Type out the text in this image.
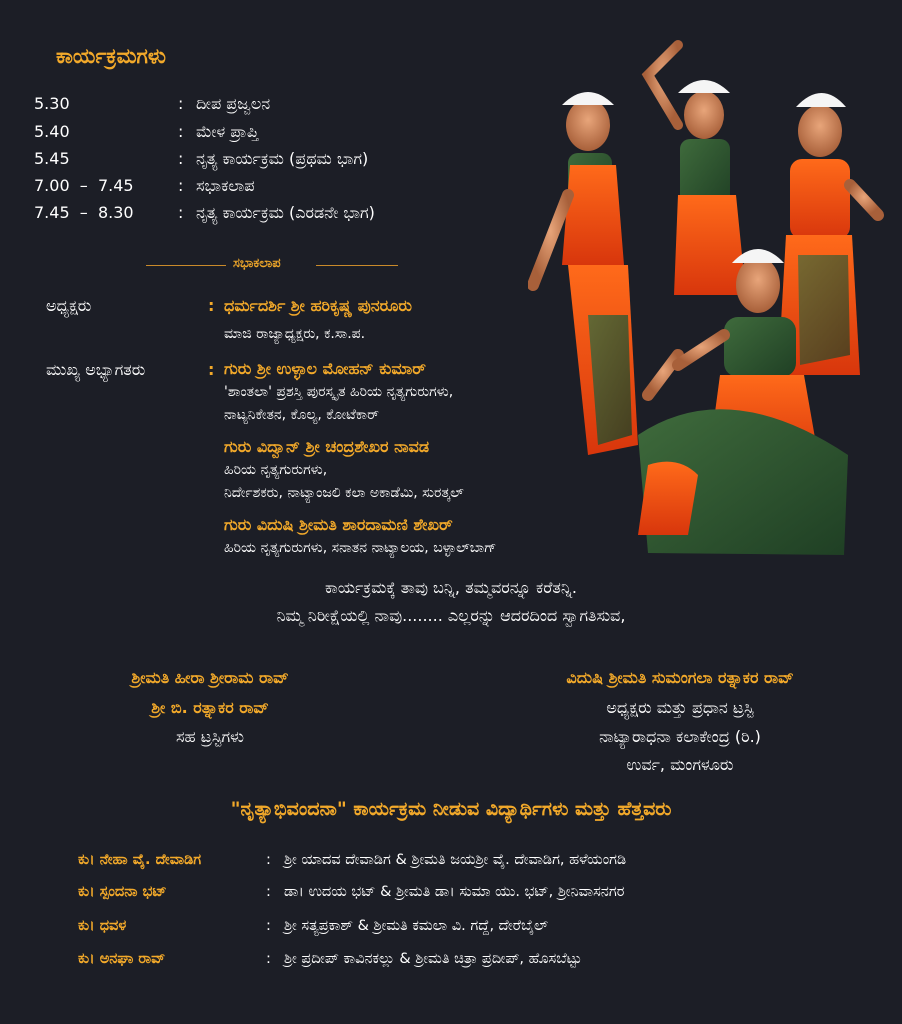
ಕಾರ್ಯಕ್ರಮಗಳು
5.30	: ದೀಪ ಪ್ರಜ್ವಲನ
5.40	: ಮೇಳ ಪ್ರಾಪ್ತಿ
5.45	: ನೃತ್ಯ ಕಾರ್ಯಕ್ರಮ (ಪ್ರಥಮ ಭಾಗ)
7.00  –  7.45	: ಸಭಾಕಲಾಪ
7.45  –  8.30	: ನೃತ್ಯ ಕಾರ್ಯಕ್ರಮ (ಎರಡನೇ ಭಾಗ)
ಸಭಾಕಲಾಪ
ಅಧ್ಯಕ್ಷರು	: ಧರ್ಮದರ್ಶಿ ಶ್ರೀ ಹರಿಕೃಷ್ಣ ಪುನರೂರು
ಮಾಜಿ ರಾಜ್ಯಾಧ್ಯಕ್ಷರು, ಕ.ಸಾ.ಪ.
ಮುಖ್ಯ ಅಭ್ಯಾಗತರು	: ಗುರು ಶ್ರೀ ಉಳ್ಳಾಲ ಮೋಹನ್ ಕುಮಾರ್
'ಶಾಂತಲಾ' ಪ್ರಶಸ್ತಿ ಪುರಸ್ಕೃತ ಹಿರಿಯ ನೃತ್ಯಗುರುಗಳು,
ನಾಟ್ಯನಿಕೇತನ, ಕೊಲ್ಯ, ಕೋಟೆಕಾರ್
ಗುರು ವಿದ್ವಾನ್ ಶ್ರೀ ಚಂದ್ರಶೇಖರ ನಾವಡ
ಹಿರಿಯ ನೃತ್ಯಗುರುಗಳು,
ನಿರ್ದೇಶಕರು, ನಾಟ್ಯಾಂಜಲಿ ಕಲಾ ಅಕಾಡೆಮಿ, ಸುರತ್ಕಲ್
ಗುರು ವಿದುಷಿ ಶ್ರೀಮತಿ ಶಾರದಾಮಣಿ ಶೇಖರ್
ಹಿರಿಯ ನೃತ್ಯಗುರುಗಳು, ಸನಾತನ ನಾಟ್ಯಾಲಯ, ಬಳ್ಳಾಲ್‌ಬಾಗ್
ಕಾರ್ಯಕ್ರಮಕ್ಕೆ ತಾವು ಬನ್ನಿ, ತಮ್ಮವರನ್ನೂ ಕರೆತನ್ನಿ.
ನಿಮ್ಮ ನಿರೀಕ್ಷೆಯಲ್ಲಿ ನಾವು........ ಎಲ್ಲರನ್ನು ಆದರದಿಂದ ಸ್ವಾಗತಿಸುವ,
ಶ್ರೀಮತಿ ಹೀರಾ ಶ್ರೀರಾಮ ರಾವ್
ಶ್ರೀ ಬಿ. ರತ್ನಾಕರ ರಾವ್
ಸಹ ಟ್ರಸ್ಟಿಗಳು
ವಿದುಷಿ ಶ್ರೀಮತಿ ಸುಮಂಗಲಾ ರತ್ನಾಕರ ರಾವ್
ಅಧ್ಯಕ್ಷರು ಮತ್ತು ಪ್ರಧಾನ ಟ್ರಸ್ಟಿ
ನಾಟ್ಯಾರಾಧನಾ ಕಲಾಕೇಂದ್ರ (ರಿ.)
ಉರ್ವ, ಮಂಗಳೂರು
"ನೃತ್ಯಾಭಿವಂದನಾ" ಕಾರ್ಯಕ್ರಮ ನೀಡುವ ವಿದ್ಯಾರ್ಥಿಗಳು ಮತ್ತು ಹೆತ್ತವರು
ಕು। ನೇಹಾ ವೈ. ದೇವಾಡಿಗ	: ಶ್ರೀ ಯಾದವ ದೇವಾಡಿಗ & ಶ್ರೀಮತಿ ಜಯಶ್ರೀ ವೈ. ದೇವಾಡಿಗ, ಹಳೆಯಂಗಡಿ
ಕು। ಸ್ಪಂದನಾ ಭಟ್	: ಡಾ। ಉದಯ ಭಟ್ & ಶ್ರೀಮತಿ ಡಾ। ಸುಮಾ ಯು. ಭಟ್, ಶ್ರೀನಿವಾಸನಗರ
ಕು। ಧವಳ	: ಶ್ರೀ ಸತ್ಯಪ್ರಕಾಶ್ & ಶ್ರೀಮತಿ ಕಮಲಾ ವಿ. ಗದ್ದೆ, ದೇರೆಬೈಲ್
ಕು। ಅನಘಾ ರಾವ್	: ಶ್ರೀ ಪ್ರದೀಪ್ ಕಾವಿನಕಲ್ಲು & ಶ್ರೀಮತಿ ಚಿತ್ರಾ ಪ್ರದೀಪ್, ಹೊಸಬೆಟ್ಟು
